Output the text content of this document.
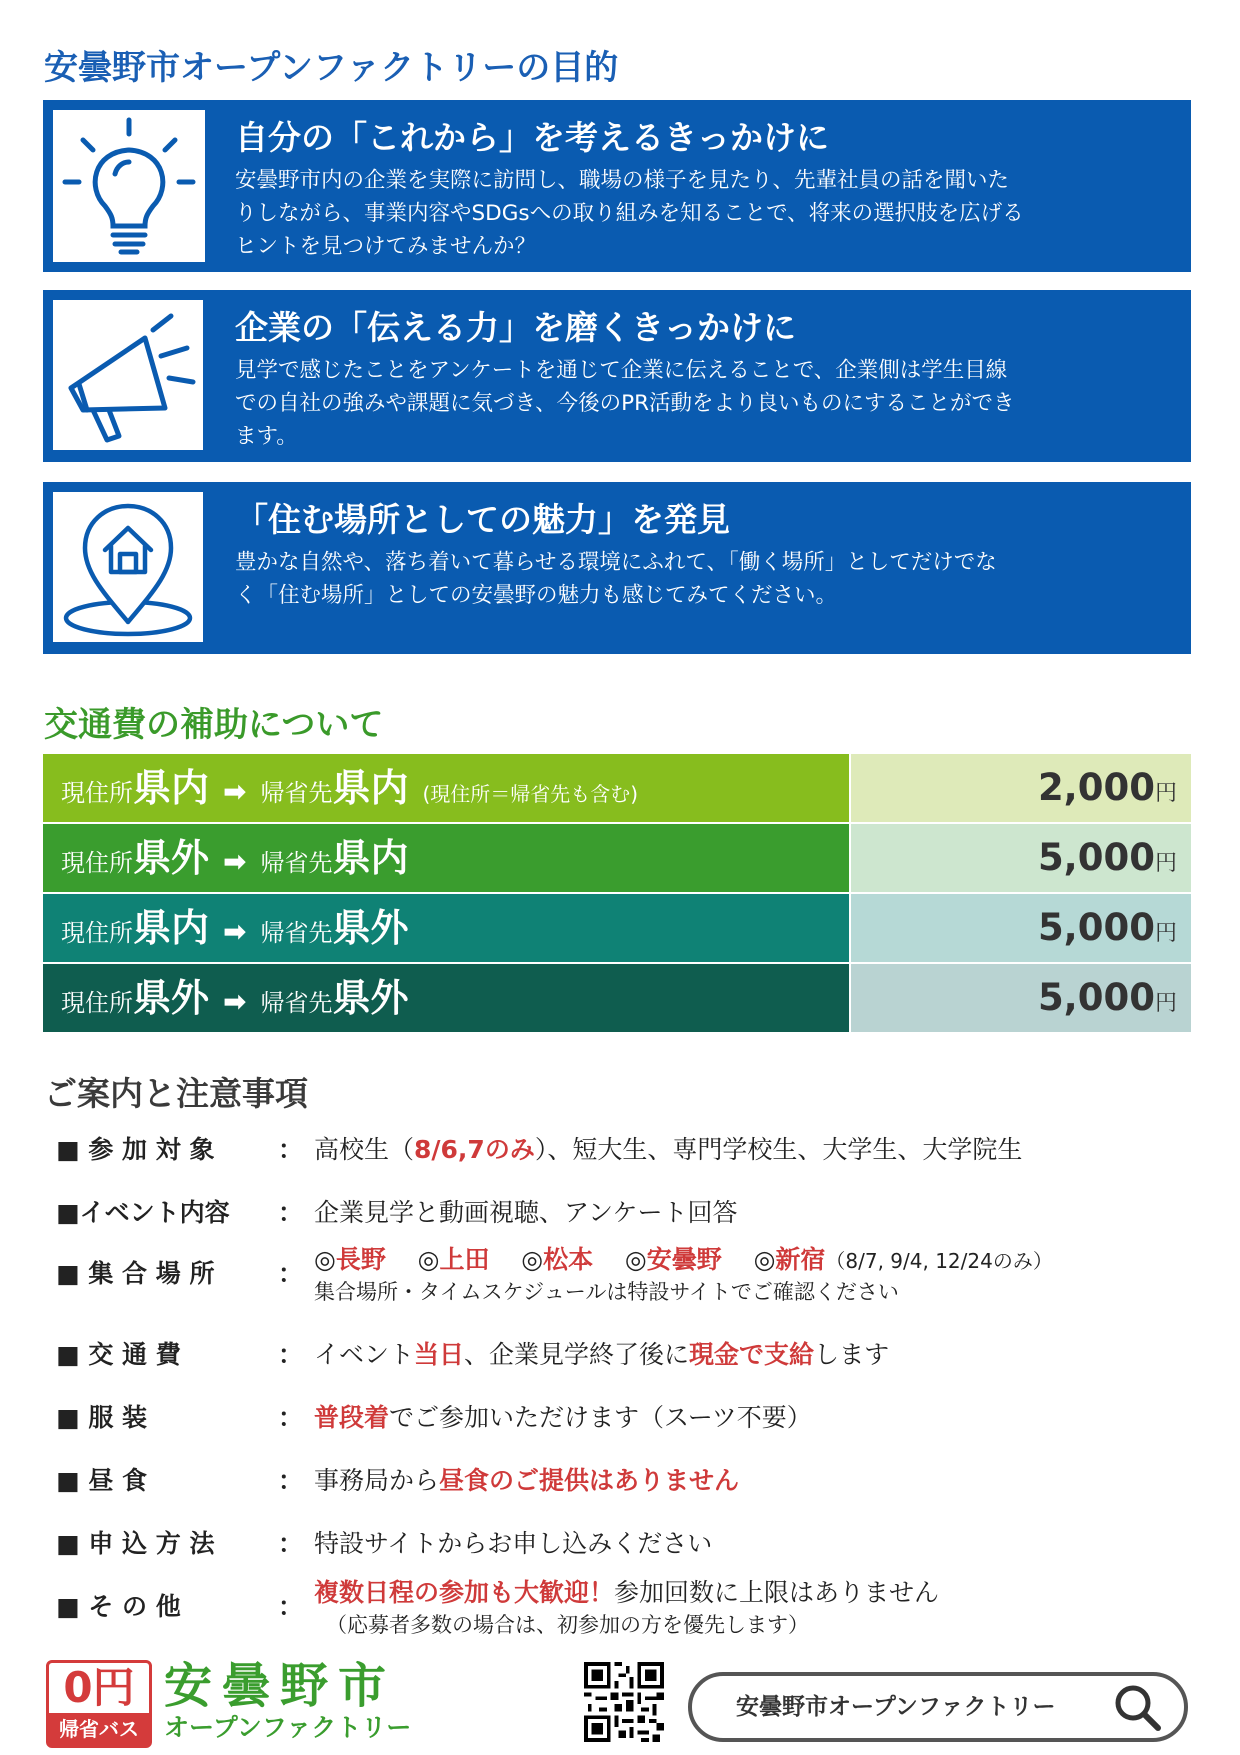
安曇野市オープンファクトリーの目的
自分の「これから」を考えるきっかけに
安曇野市内の企業を実際に訪問し、職場の様子を見たり、先輩社員の話を聞いた
りしながら、事業内容やSDGsへの取り組みを知ることで、将来の選択肢を広げる
ヒントを見つけてみませんか？
企業の「伝える力」を磨くきっかけに
見学で感じたことをアンケートを通じて企業に伝えることで、企業側は学生目線
での自社の強みや課題に気づき、今後のPR活動をより良いものにすることができ
ます。
「住む場所としての魅力」を発見
豊かな自然や、落ち着いて暮らせる環境にふれて、「働く場所」としてだけでな
く「住む場所」としての安曇野の魅力も感じてみてください。
交通費の補助について
現住所県内 ➡ 帰省先県内 (現住所＝帰省先も含む)	2,000円
現住所県外 ➡ 帰省先県内	5,000円
現住所県内 ➡ 帰省先県外	5,000円
現住所県外 ➡ 帰省先県外	5,000円
ご案内と注意事項
■ 参 加 対 象	： 高校生（8/6,7のみ）、短大生、専門学校生、大学生、大学院生
■イベント内容 ： 企業見学と動画視聴、アンケート回答
■ 集 合 場 所	： ◎長野 ◎上田 ◎松本 ◎安曇野 ◎新宿（8/7, 9/4, 12/24のみ）
集合場所・タイムスケジュールは特設サイトでご確認ください
■ 交 通 費	： イベント当日、企業見学終了後に現金で支給します
■ 服 装	： 普段着でご参加いただけます（スーツ不要）
■ 昼 食	： 事務局から昼食のご提供はありません
■ 申 込 方 法	： 特設サイトからお申し込みください
■ そ の 他	： 複数日程の参加も大歓迎！参加回数に上限はありません
（応募者多数の場合は、初参加の方を優先します）
0円
帰省バス
安曇野市
オープンファクトリー
安曇野市オープンファクトリー
